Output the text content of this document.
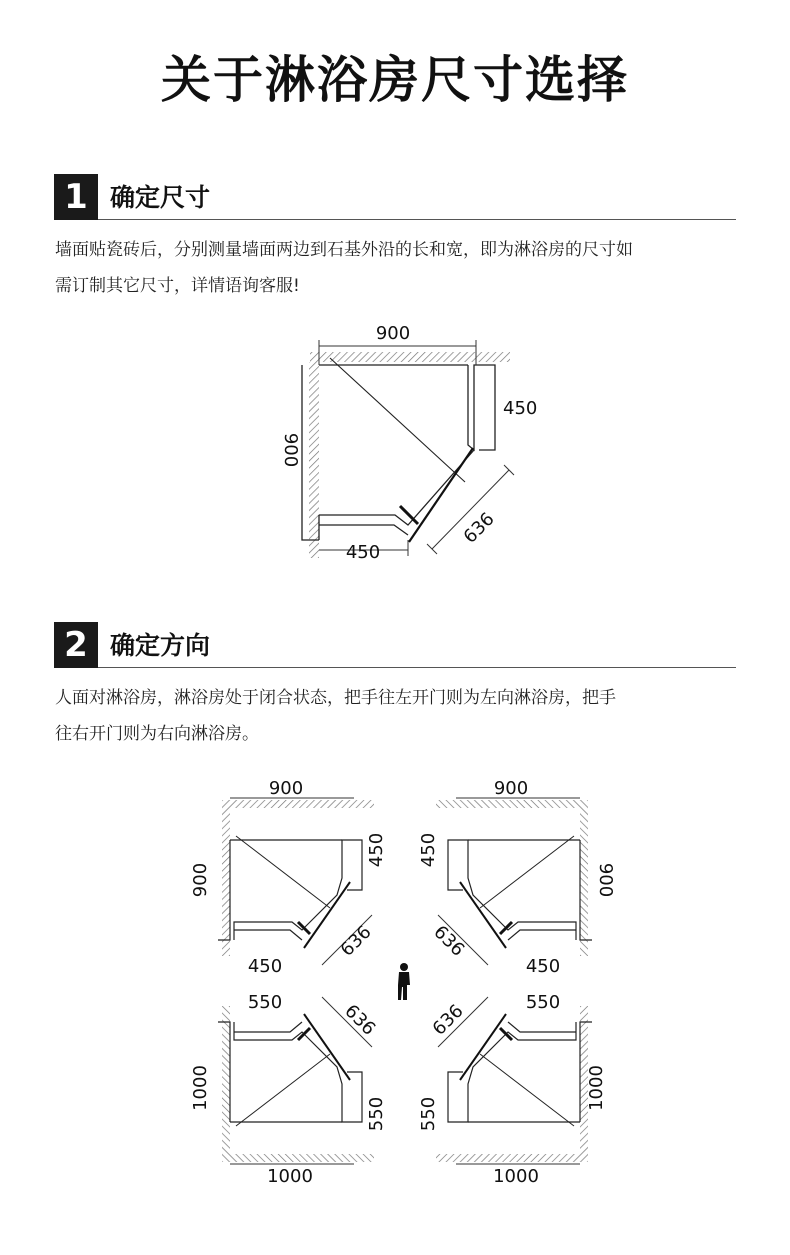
关于淋浴房尺寸选择
1 确定尺寸
墙面贴瓷砖后，分别测量墙面两边到石基外沿的长和宽，即为淋浴房的尺寸如
需订制其它尺寸，详情语询客服!
900
900
450
450
636
2 确定方向
人面对淋浴房，淋浴房处于闭合状态，把手往左开门则为左向淋浴房，把手
往右开门则为右向淋浴房。
900
900
450
450
636
900
450
900
450
636
550
1000
550
1000
636	550
550
1000
1000
636
